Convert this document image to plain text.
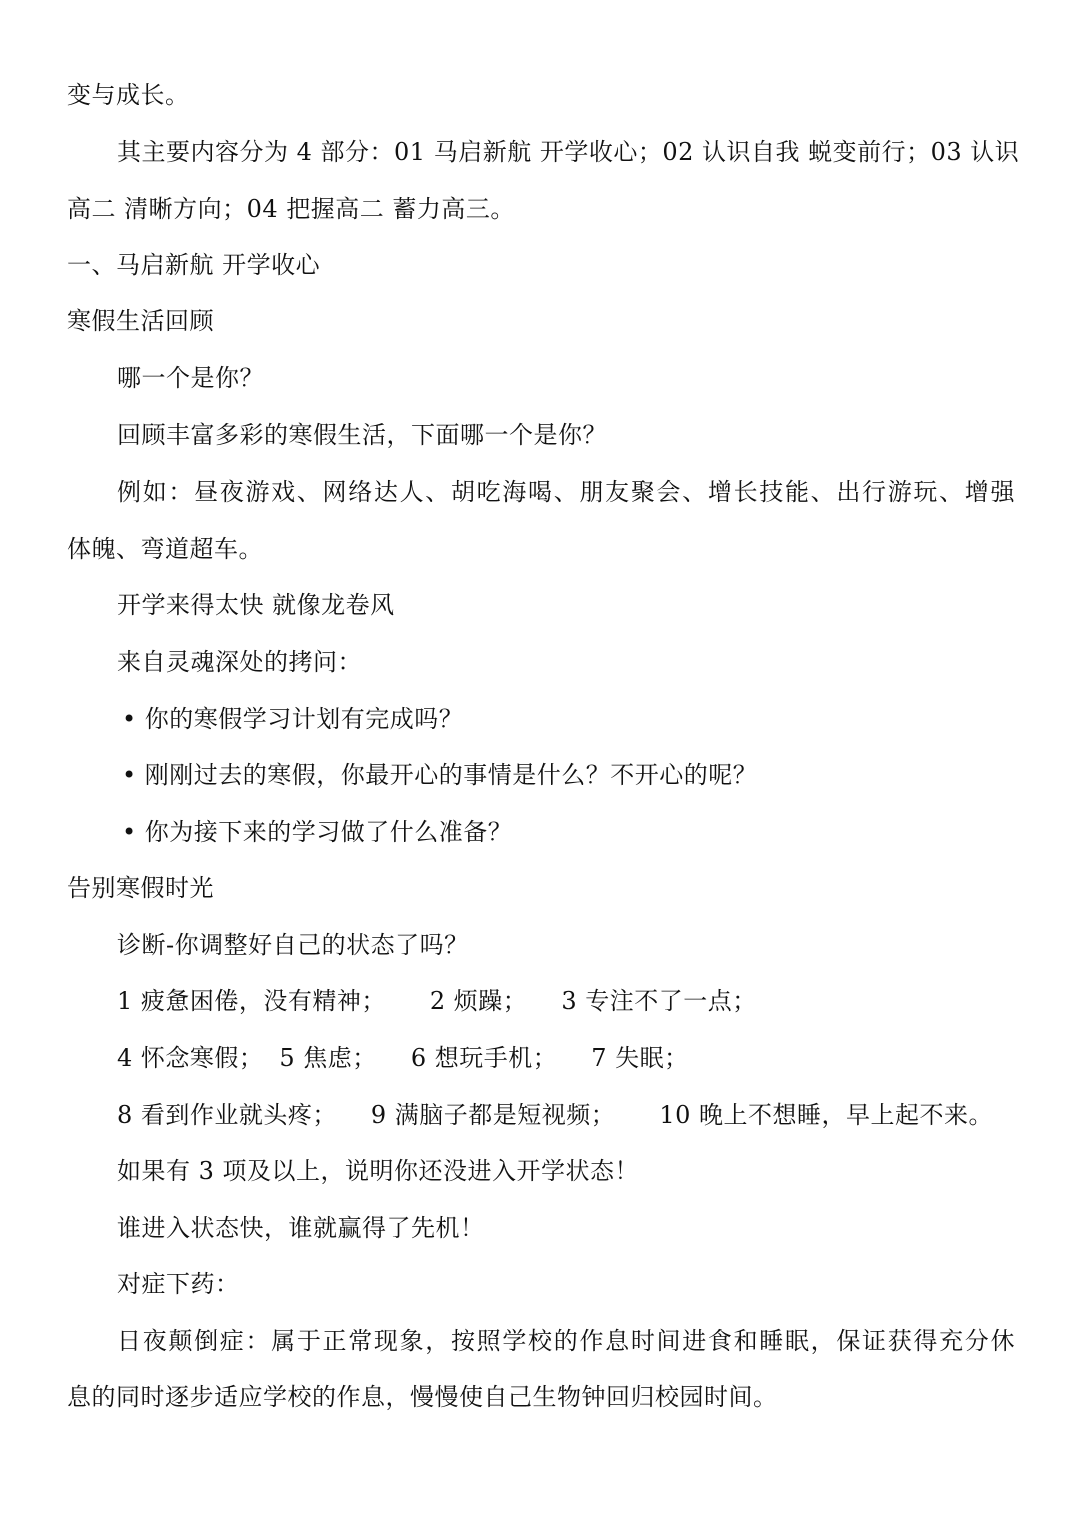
变与成长。
其主要内容分为 4 部分：01 马启新航 开学收心；02 认识自我 蜕变前行；03 认识
高二 清晰方向；04 把握高二 蓄力高三。
一、马启新航 开学收心
寒假生活回顾
哪一个是你？
回顾丰富多彩的寒假生活，下面哪一个是你？
例如：昼夜游戏、网络达人、胡吃海喝、朋友聚会、增长技能、出行游玩、增强
体魄、弯道超车。
开学来得太快 就像龙卷风
来自灵魂深处的拷问：
• 你的寒假学习计划有完成吗？
• 刚刚过去的寒假，你最开心的事情是什么？不开心的呢？
• 你为接下来的学习做了什么准备？
告别寒假时光
诊断-你调整好自己的状态了吗？
1 疲惫困倦，没有精神； 2 烦躁； 3 专注不了一点；
4 怀念寒假； 5 焦虑； 6 想玩手机； 7 失眠；
8 看到作业就头疼； 9 满脑子都是短视频； 10 晚上不想睡，早上起不来。
如果有 3 项及以上，说明你还没进入开学状态！
谁进入状态快，谁就赢得了先机！
对症下药：
日夜颠倒症：属于正常现象，按照学校的作息时间进食和睡眠，保证获得充分休
息的同时逐步适应学校的作息，慢慢使自己生物钟回归校园时间。
